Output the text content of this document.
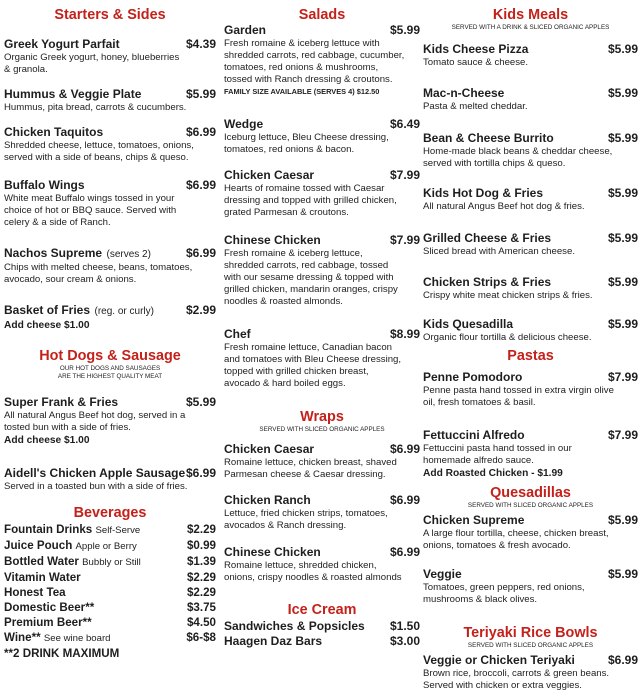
Starters & Sides
Greek Yogurt Parfait	$4.39
Organic Greek yogurt, honey, blueberries
& granola.
Hummus & Veggie Plate	$5.99
Hummus, pita bread, carrots & cucumbers.
Chicken Taquitos	$6.99
Shredded cheese, lettuce, tomatoes, onions,
served with a side of beans, chips & queso.
Buffalo Wings	$6.99
White meat Buffalo wings tossed in your
choice of hot or BBQ sauce. Served with
celery & a side of Ranch.
Nachos Supreme (serves 2)	$6.99
Chips with melted cheese, beans, tomatoes,
avocado, sour cream & onions.
Basket of Fries (reg. or curly)	$2.99
Add cheese $1.00
Hot Dogs & Sausage
OUR HOT DOGS AND SAUSAGES
ARE THE HIGHEST QUALITY MEAT
Super Frank & Fries	$5.99
All natural Angus Beef hot dog, served in a
tosted bun with a side of fries.
Add cheese $1.00
Aidell's Chicken Apple Sausage $6.99
Served in a toasted bun with a side of fries.
Beverages
Fountain Drinks Self-Serve	$2.29
Juice Pouch Apple or Berry	$0.99
Bottled Water Bubbly or Still	$1.39
Vitamin Water	$2.29
Honest Tea	$2.29
Domestic Beer**	$3.75
Premium Beer**	$4.50
Wine** See wine board	$6-$8
**2 DRINK MAXIMUM
Salads
Garden	$5.99
Fresh romaine & iceberg lettuce with
shredded carrots, red cabbage, cucumber,
tomatoes, red onions & mushrooms,
tossed with Ranch dressing & croutons.
FAMILY SIZE AVAILABLE (SERVES 4) $12.50
Wedge	$6.49
Iceburg lettuce, Bleu Cheese dressing,
tomatoes, red onions & bacon.
Chicken Caesar	$7.99
Hearts of romaine tossed with Caesar
dressing and topped with grilled chicken,
grated Parmesan & croutons.
Chinese Chicken	$7.99
Fresh romaine & iceberg lettuce,
shredded carrots, red cabbage, tossed
with our sesame dressing & topped with
grilled chicken, mandarin oranges, crispy
noodles & roasted almonds.
Chef	$8.99
Fresh romaine lettuce, Canadian bacon
and tomatoes with Bleu Cheese dressing,
topped with grilled chicken breast,
avocado & hard boiled eggs.
Wraps
SERVED WITH SLICED ORGANIC APPLES
Chicken Caesar	$6.99
Romaine lettuce, chicken breast, shaved
Parmesan cheese & Caesar dressing.
Chicken Ranch	$6.99
Lettuce, fried chicken strips, tomatoes,
avocados & Ranch dressing.
Chinese Chicken	$6.99
Romaine lettuce, shredded chicken,
onions, crispy noodles & roasted almonds
Ice Cream
Sandwiches & Popsicles $1.50
Haagen Daz Bars	$3.00
Kids Meals
SERVED WITH A DRINK & SLICED ORGANIC APPLES
Kids Cheese Pizza	$5.99
Tomato sauce & cheese.
Mac-n-Cheese	$5.99
Pasta & melted cheddar.
Bean & Cheese Burrito	$5.99
Home-made black beans & cheddar cheese,
served with tortilla chips & queso.
Kids Hot Dog & Fries	$5.99
All natural Angus Beef hot dog & fries.
Grilled Cheese & Fries	$5.99
Sliced bread with American cheese.
Chicken Strips & Fries	$5.99
Crispy white meat chicken strips & fries.
Kids Quesadilla	$5.99
Organic flour tortilla & delicious cheese.
Pastas
Penne Pomodoro	$7.99
Penne pasta hand tossed in extra virgin olive
oil, fresh tomatoes & basil.
Fettuccini Alfredo	$7.99
Fettuccini pasta hand tossed in our
homemade alfredo sauce.
Add Roasted Chicken - $1.99
Quesadillas
SERVED WITH SLICED ORGANIC APPLES
Chicken Supreme	$5.99
A large flour tortilla, cheese, chicken breast,
onions, tomatoes & fresh avocado.
Veggie	$5.99
Tomatoes, green peppers, red onions,
mushrooms & black olives.
Teriyaki Rice Bowls
SERVED WITH SLICED ORGANIC APPLES
Veggie or Chicken Teriyaki	$6.99
Brown rice, broccoli, carrots & green beans.
Served with chicken or extra veggies.
